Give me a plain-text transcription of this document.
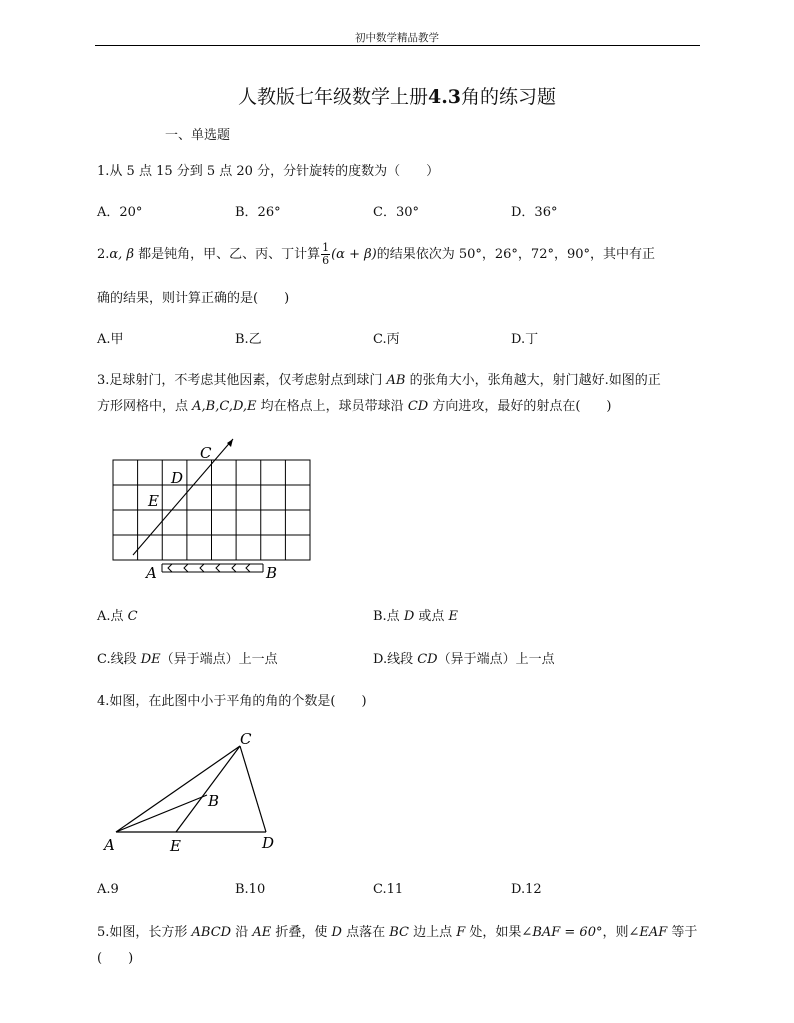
初中数学精品教学
人教版七年级数学上册4.3角的练习题
一、单选题
1.从 5 点 15 分到 5 点 20 分，分针旋转的度数为（　　）
A．20°	B．26°	C．30°	D．36°
2.α, β 都是钝角，甲、乙、丙、丁计算 $\frac{1}{6} (\alpha + \beta)$的结果依次为 50°，26°，72°，90°，其中有正
确的结果，则计算正确的是(　　)
A.甲	B.乙	C.丙	D.丁
3.足球射门，不考虑其他因素，仅考虑射点到球门 AB 的张角大小，张角越大，射门越好.如图的正
方形网格中，点 A,B,C,D,E 均在格点上，球员带球沿 CD 方向进攻，最好的射点在(　　)
A	B
C
D
E
A.点 C	B.点 D 或点 E
C.线段 DE（异于端点）上一点	D.线段 CD（异于端点）上一点
4.如图，在此图中小于平角的角的个数是(　　)
A
B
C
D
E
A.9	B.10	C.11	D.12
5.如图，长方形 ABCD 沿 AE 折叠，使 D 点落在 BC 边上点 F 处，如果∠BAF = 60°，则∠EAF 等于
(　　)
